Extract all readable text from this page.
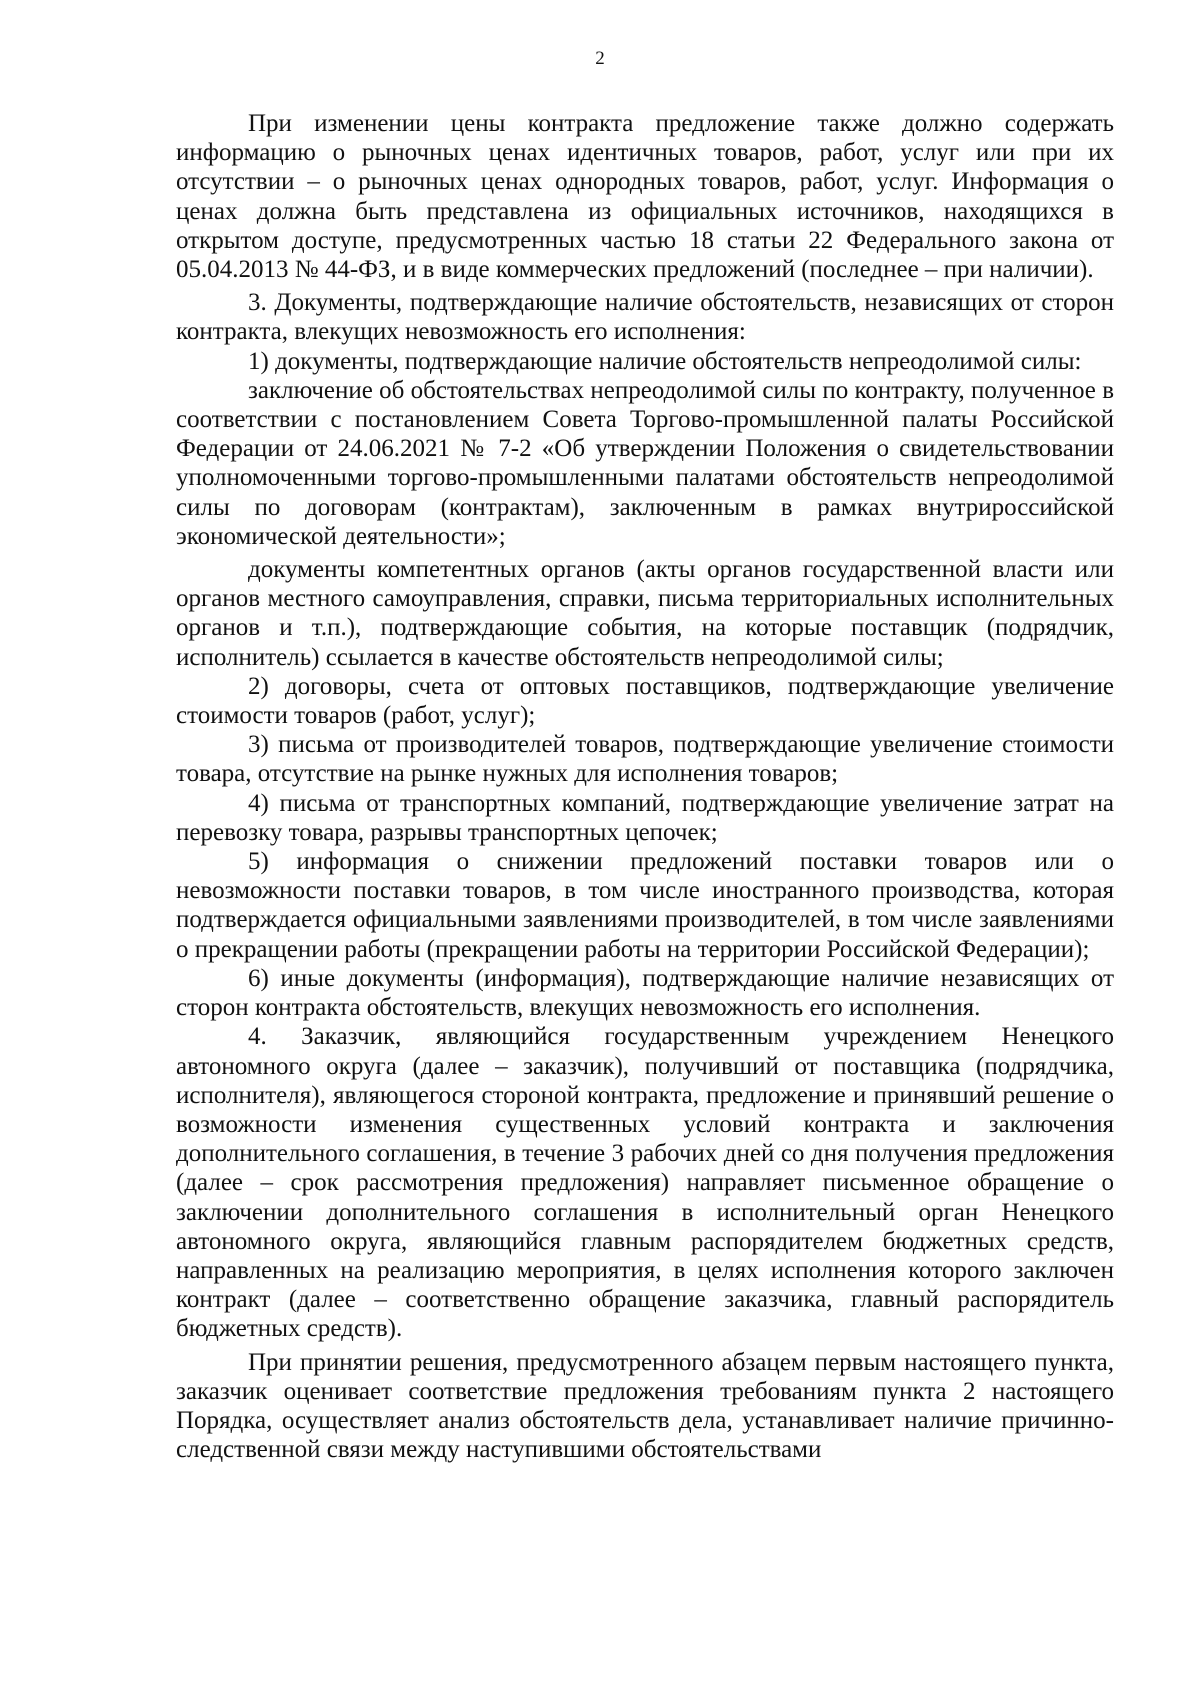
2

При изменении цены контракта предложение также должно содержать информацию о рыночных ценах идентичных товаров, работ, услуг или при их отсутствии – о рыночных ценах однородных товаров, работ, услуг. Информация о ценах должна быть представлена из официальных источников, находящихся в открытом доступе, предусмотренных частью 18 статьи 22 Федерального закона от 05.04.2013 № 44-ФЗ, и в виде коммерческих предложений (последнее – при наличии).

3. Документы, подтверждающие наличие обстоятельств, независящих от сторон контракта, влекущих невозможность его исполнения:

1) документы, подтверждающие наличие обстоятельств непреодолимой силы:

заключение об обстоятельствах непреодолимой силы по контракту, полученное в соответствии с постановлением Совета Торгово-промышленной палаты Российской Федерации от 24.06.2021 № 7-2 «Об утверждении Положения о свидетельствовании уполномоченными торгово-промышленными палатами обстоятельств непреодолимой силы по договорам (контрактам), заключенным в рамках внутрироссийской экономической деятельности»;

документы компетентных органов (акты органов государственной власти или органов местного самоуправления, справки, письма территориальных исполнительных органов и т.п.), подтверждающие события, на которые поставщик (подрядчик, исполнитель) ссылается в качестве обстоятельств непреодолимой силы;

2) договоры, счета от оптовых поставщиков, подтверждающие увеличение стоимости товаров (работ, услуг);

3) письма от производителей товаров, подтверждающие увеличение стоимости товара, отсутствие на рынке нужных для исполнения товаров;

4) письма от транспортных компаний, подтверждающие увеличение затрат на перевозку товара, разрывы транспортных цепочек;

5) информация о снижении предложений поставки товаров или о невозможности поставки товаров, в том числе иностранного производства, которая подтверждается официальными заявлениями производителей, в том числе заявлениями о прекращении работы (прекращении работы на территории Российской Федерации);

6) иные документы (информация), подтверждающие наличие независящих от сторон контракта обстоятельств, влекущих невозможность его исполнения.

4. Заказчик, являющийся государственным учреждением Ненецкого автономного округа (далее – заказчик), получивший от поставщика (подрядчика, исполнителя), являющегося стороной контракта, предложение и принявший решение о возможности изменения существенных условий контракта и заключения дополнительного соглашения, в течение 3 рабочих дней со дня получения предложения (далее – срок рассмотрения предложения) направляет письменное обращение о заключении дополнительного соглашения в исполнительный орган Ненецкого автономного округа, являющийся главным распорядителем бюджетных средств, направленных на реализацию мероприятия, в целях исполнения которого заключен контракт (далее – соответственно обращение заказчика, главный распорядитель бюджетных средств).

При принятии решения, предусмотренного абзацем первым настоящего пункта, заказчик оценивает соответствие предложения требованиям пункта 2 настоящего Порядка, осуществляет анализ обстоятельств дела, устанавливает наличие причинно-следственной связи между наступившими обстоятельствами
